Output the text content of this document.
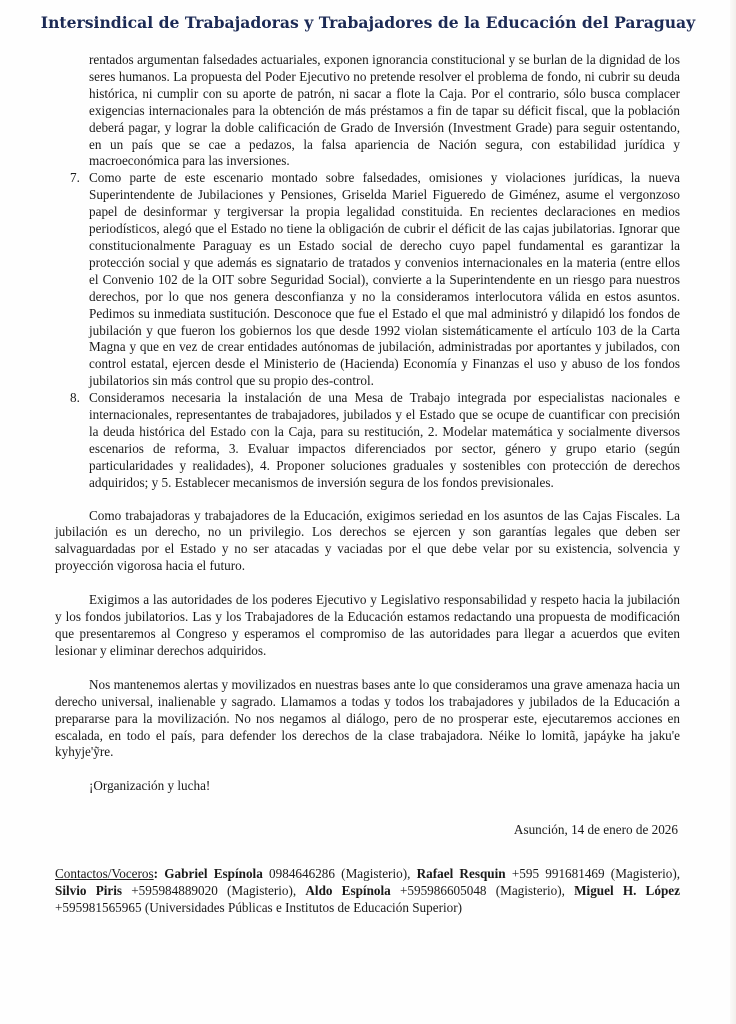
Intersindical de Trabajadoras y Trabajadores de la Educación del Paraguay

rentados argumentan falsedades actuariales, exponen ignorancia constitucional y se burlan de la dignidad de los seres humanos. La propuesta del Poder Ejecutivo no pretende resolver el problema de fondo, ni cubrir su deuda histórica, ni cumplir con su aporte de patrón, ni sacar a flote la Caja. Por el contrario, sólo busca complacer exigencias internacionales para la obtención de más préstamos a fin de tapar su déficit fiscal, que la población deberá pagar, y lograr la doble calificación de Grado de Inversión (Investment Grade) para seguir ostentando, en un país que se cae a pedazos, la falsa apariencia de Nación segura, con estabilidad jurídica y macroeconómica para las inversiones.

7. Como parte de este escenario montado sobre falsedades, omisiones y violaciones jurídicas, la nueva Superintendente de Jubilaciones y Pensiones, Griselda Mariel Figueredo de Giménez, asume el vergonzoso papel de desinformar y tergiversar la propia legalidad constituida. En recientes declaraciones en medios periodísticos, alegó que el Estado no tiene la obligación de cubrir el déficit de las cajas jubilatorias. Ignorar que constitucionalmente Paraguay es un Estado social de derecho cuyo papel fundamental es garantizar la protección social y que además es signatario de tratados y convenios internacionales en la materia (entre ellos el Convenio 102 de la OIT sobre Seguridad Social), convierte a la Superintendente en un riesgo para nuestros derechos, por lo que nos genera desconfianza y no la consideramos interlocutora válida en estos asuntos. Pedimos su inmediata sustitución. Desconoce que fue el Estado el que mal administró y dilapidó los fondos de jubilación y que fueron los gobiernos los que desde 1992 violan sistemáticamente el artículo 103 de la Carta Magna y que en vez de crear entidades autónomas de jubilación, administradas por aportantes y jubilados, con control estatal, ejercen desde el Ministerio de (Hacienda) Economía y Finanzas el uso y abuso de los fondos jubilatorios sin más control que su propio des-control.

8. Consideramos necesaria la instalación de una Mesa de Trabajo integrada por especialistas nacionales e internacionales, representantes de trabajadores, jubilados y el Estado que se ocupe de cuantificar con precisión la deuda histórica del Estado con la Caja, para su restitución, 2. Modelar matemática y socialmente diversos escenarios de reforma, 3. Evaluar impactos diferenciados por sector, género y grupo etario (según particularidades y realidades), 4. Proponer soluciones graduales y sostenibles con protección de derechos adquiridos; y 5. Establecer mecanismos de inversión segura de los fondos previsionales.

Como trabajadoras y trabajadores de la Educación, exigimos seriedad en los asuntos de las Cajas Fiscales. La jubilación es un derecho, no un privilegio. Los derechos se ejercen y son garantías legales que deben ser salvaguardadas por el Estado y no ser atacadas y vaciadas por el que debe velar por su existencia, solvencia y proyección vigorosa hacia el futuro.

Exigimos a las autoridades de los poderes Ejecutivo y Legislativo responsabilidad y respeto hacia la jubilación y los fondos jubilatorios. Las y los Trabajadores de la Educación estamos redactando una propuesta de modificación que presentaremos al Congreso y esperamos el compromiso de las autoridades para llegar a acuerdos que eviten lesionar y eliminar derechos adquiridos.

Nos mantenemos alertas y movilizados en nuestras bases ante lo que consideramos una grave amenaza hacia un derecho universal, inalienable y sagrado. Llamamos a todas y todos los trabajadores y jubilados de la Educación a prepararse para la movilización. No nos negamos al diálogo, pero de no prosperar este, ejecutaremos acciones en escalada, en todo el país, para defender los derechos de la clase trabajadora. Néike lo lomitã, japáyke ha jaku'e kyhyje'ỹre.

¡Organización y lucha!

Asunción, 14 de enero de 2026

Contactos/Voceros: Gabriel Espínola 0984646286 (Magisterio), Rafael Resquin +595 991681469 (Magisterio), Silvio Piris +595984889020 (Magisterio), Aldo Espínola +595986605048 (Magisterio), Miguel H. López +595981565965 (Universidades Públicas e Institutos de Educación Superior)
